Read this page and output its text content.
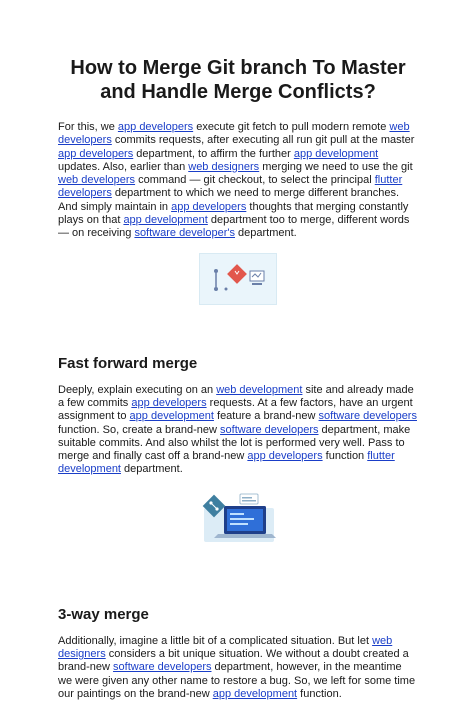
How to Merge Git branch To Master and Handle Merge Conflicts?

For this, we app developers execute git fetch to pull modern remote web developers commits requests, after executing all run git pull at the master app developers department, to affirm the further app development updates. Also, earlier than web designers merging we need to use the git web developers command — git checkout, to select the principal flutter developers department to which we need to merge different branches. And simply maintain in app developers thoughts that merging constantly plays on that app development department too to merge, different words — on receiving software developer's department.

Fast forward merge

Deeply, explain executing on an web development site and already made a few commits app developers requests. At a few factors, have an urgent assignment to app development feature a brand-new software developers function. So, create a brand-new software developers department, make suitable commits. And also whilst the lot is performed very well. Pass to merge and finally cast off a brand-new app developers function flutter development department.

3-way merge

Additionally, imagine a little bit of a complicated situation. But let web designers considers a bit unique situation. We without a doubt created a brand-new software developers department, however, in the meantime we were given any other name to restore a bug. So, we left for some time our paintings on the brand-new app development function.
